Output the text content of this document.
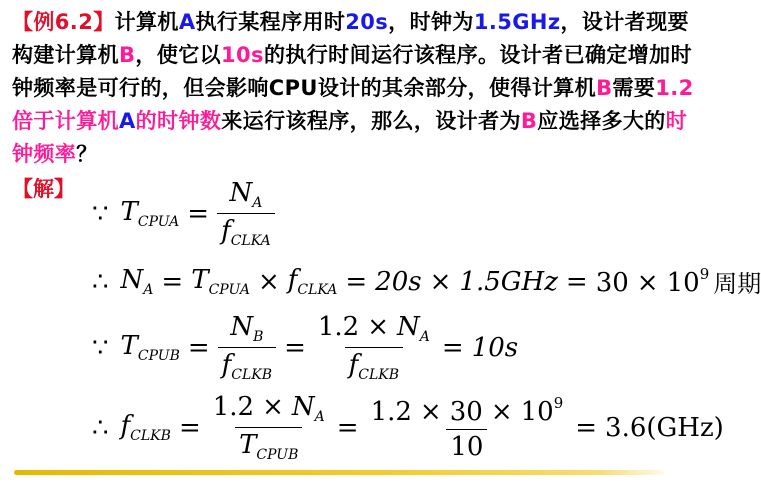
【例6.2】计算机A执行某程序用时20s，时钟为1.5GHz，设计者现要构建计算机B，使它以10s的执行时间运行该程序。设计者已确定增加时钟频率是可行的，但会影响CPU设计的其余部分，使得计算机B需要1.2倍于计算机A的时钟数来运行该程序，那么，设计者为B应选择多大的时钟频率？
【解】
∵ $T_{CPUA} = \frac{N_A}{f_{CLKA}}$
∴ $N_A = T_{CPUA} \times f_{CLKA} = 20s \times 1.5GHz = 30 \times 10^9$ 周期
∵ $T_{CPUB} = \frac{N_B}{f_{CLKB}} = \frac{1.2 \times N_A}{f_{CLKB}} = 10s$
∴ $f_{CLKB} = \frac{1.2 \times N_A}{T_{CPUB}} = \frac{1.2 \times 30 \times 10^9}{10} = 3.6(GHz)$
